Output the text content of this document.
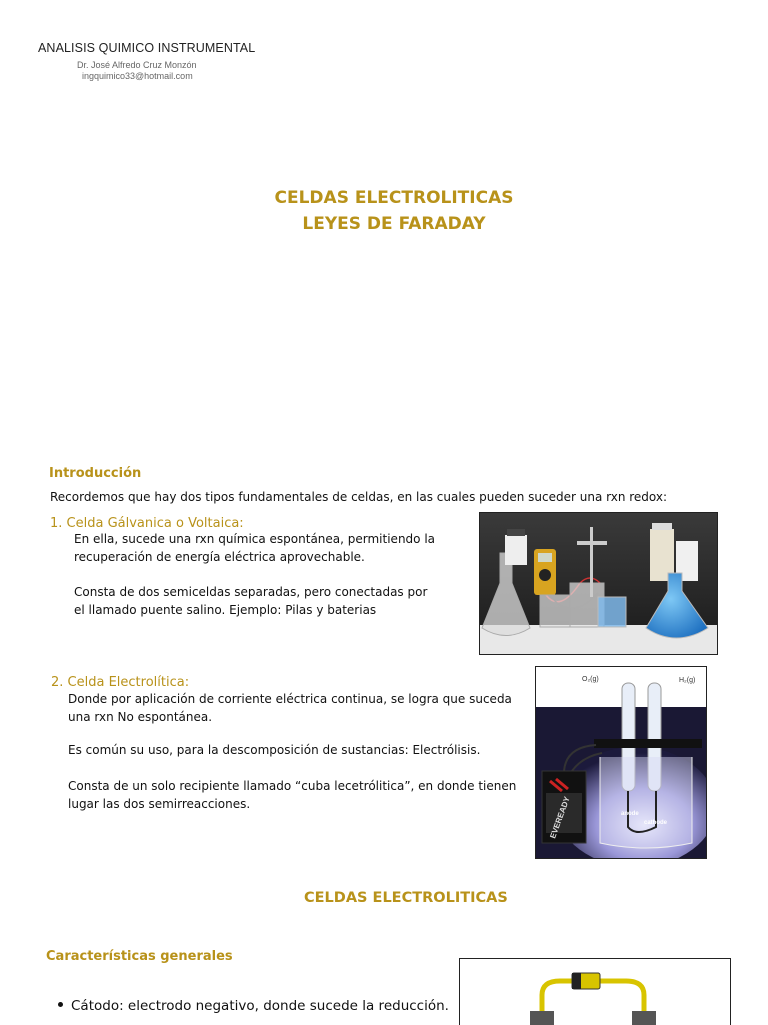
ANALISIS QUIMICO INSTRUMENTAL
Dr. José Alfredo Cruz Monzón
ingquimico33@hotmail.com
CELDAS ELECTROLITICAS
LEYES DE FARADAY
Introducción
Recordemos que hay dos tipos fundamentales de celdas, en las cuales pueden suceder una rxn redox:
1. Celda Gálvanica o Voltaica:
En ella, sucede una rxn química espontánea, permitiendo la
recuperación de energía eléctrica aprovechable.
Consta de dos semiceldas separadas, pero conectadas por
el llamado puente salino. Ejemplo: Pilas y baterias
2. Celda Electrolítica:
Donde por aplicación de corriente eléctrica continua, se logra que suceda
una rxn No espontánea.
Es común su uso, para la descomposición de sustancias: Electrólisis.
Consta de un solo recipiente llamado “cuba lecetrólitica”, en donde tienen
lugar las dos semirreacciones.
O₂(g)	H₂(g)
anode
cathode
EVEREADY
CELDAS ELECTROLITICAS
Características generales
Cátodo: electrodo negativo, donde sucede la reducción.
